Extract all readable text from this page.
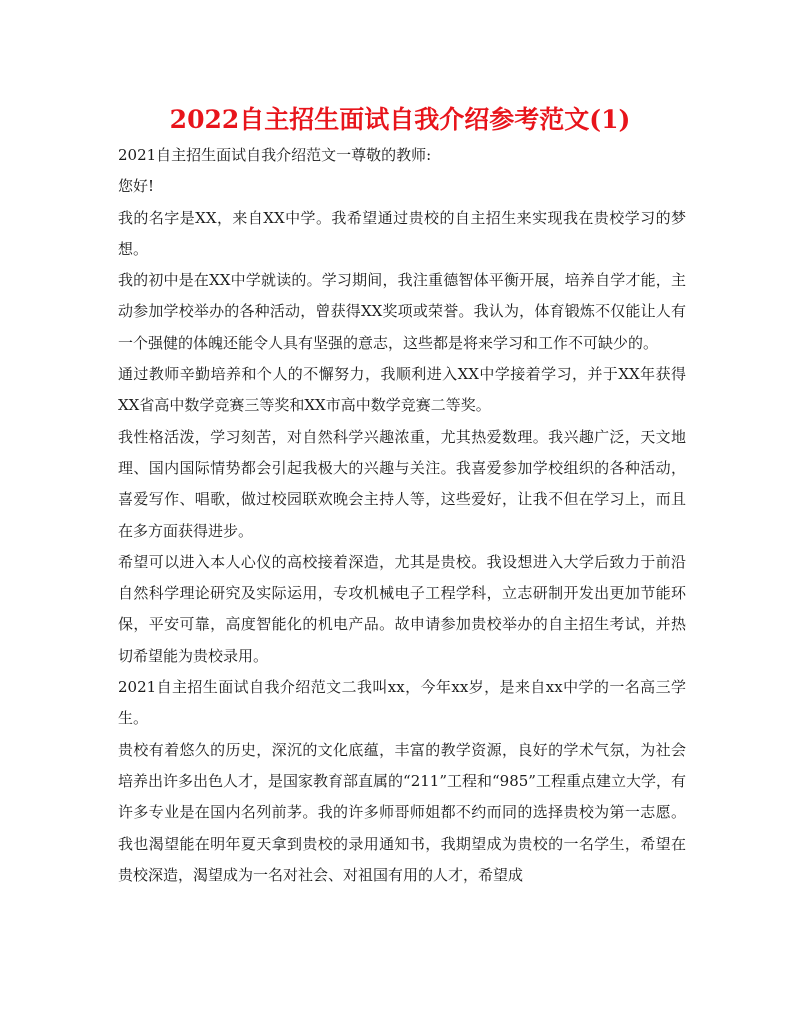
2022自主招生面试自我介绍参考范文(1)

2021自主招生面试自我介绍范文一尊敬的教师:

您好!

我的名字是XX，来自XX中学。我希望通过贵校的自主招生来实现我在贵校学习的梦想。

我的初中是在XX中学就读的。学习期间，我注重德智体平衡开展，培养自学才能，主动参加学校举办的各种活动，曾获得XX奖项或荣誉。我认为，体育锻炼不仅能让人有一个强健的体魄还能令人具有坚强的意志，这些都是将来学习和工作不可缺少的。

通过教师辛勤培养和个人的不懈努力，我顺利进入XX中学接着学习，并于XX年获得XX省高中数学竞赛三等奖和XX市高中数学竞赛二等奖。

我性格活泼，学习刻苦，对自然科学兴趣浓重，尤其热爱数理。我兴趣广泛，天文地理、国内国际情势都会引起我极大的兴趣与关注。我喜爱参加学校组织的各种活动，喜爱写作、唱歌，做过校园联欢晚会主持人等，这些爱好，让我不但在学习上，而且在多方面获得进步。

希望可以进入本人心仪的高校接着深造，尤其是贵校。我设想进入大学后致力于前沿自然科学理论研究及实际运用，专攻机械电子工程学科，立志研制开发出更加节能环保，平安可靠，高度智能化的机电产品。故申请参加贵校举办的自主招生考试，并热切希望能为贵校录用。

2021自主招生面试自我介绍范文二我叫xx，今年xx岁，是来自xx中学的一名高三学生。

贵校有着悠久的历史，深沉的文化底蕴，丰富的教学资源，良好的学术气氛，为社会培养出许多出色人才，是国家教育部直属的“211”工程和“985”工程重点建立大学，有许多专业是在国内名列前茅。我的许多师哥师姐都不约而同的选择贵校为第一志愿。我也渴望能在明年夏天拿到贵校的录用通知书，我期望成为贵校的一名学生，希望在贵校深造，渴望成为一名对社会、对祖国有用的人才，希望成
